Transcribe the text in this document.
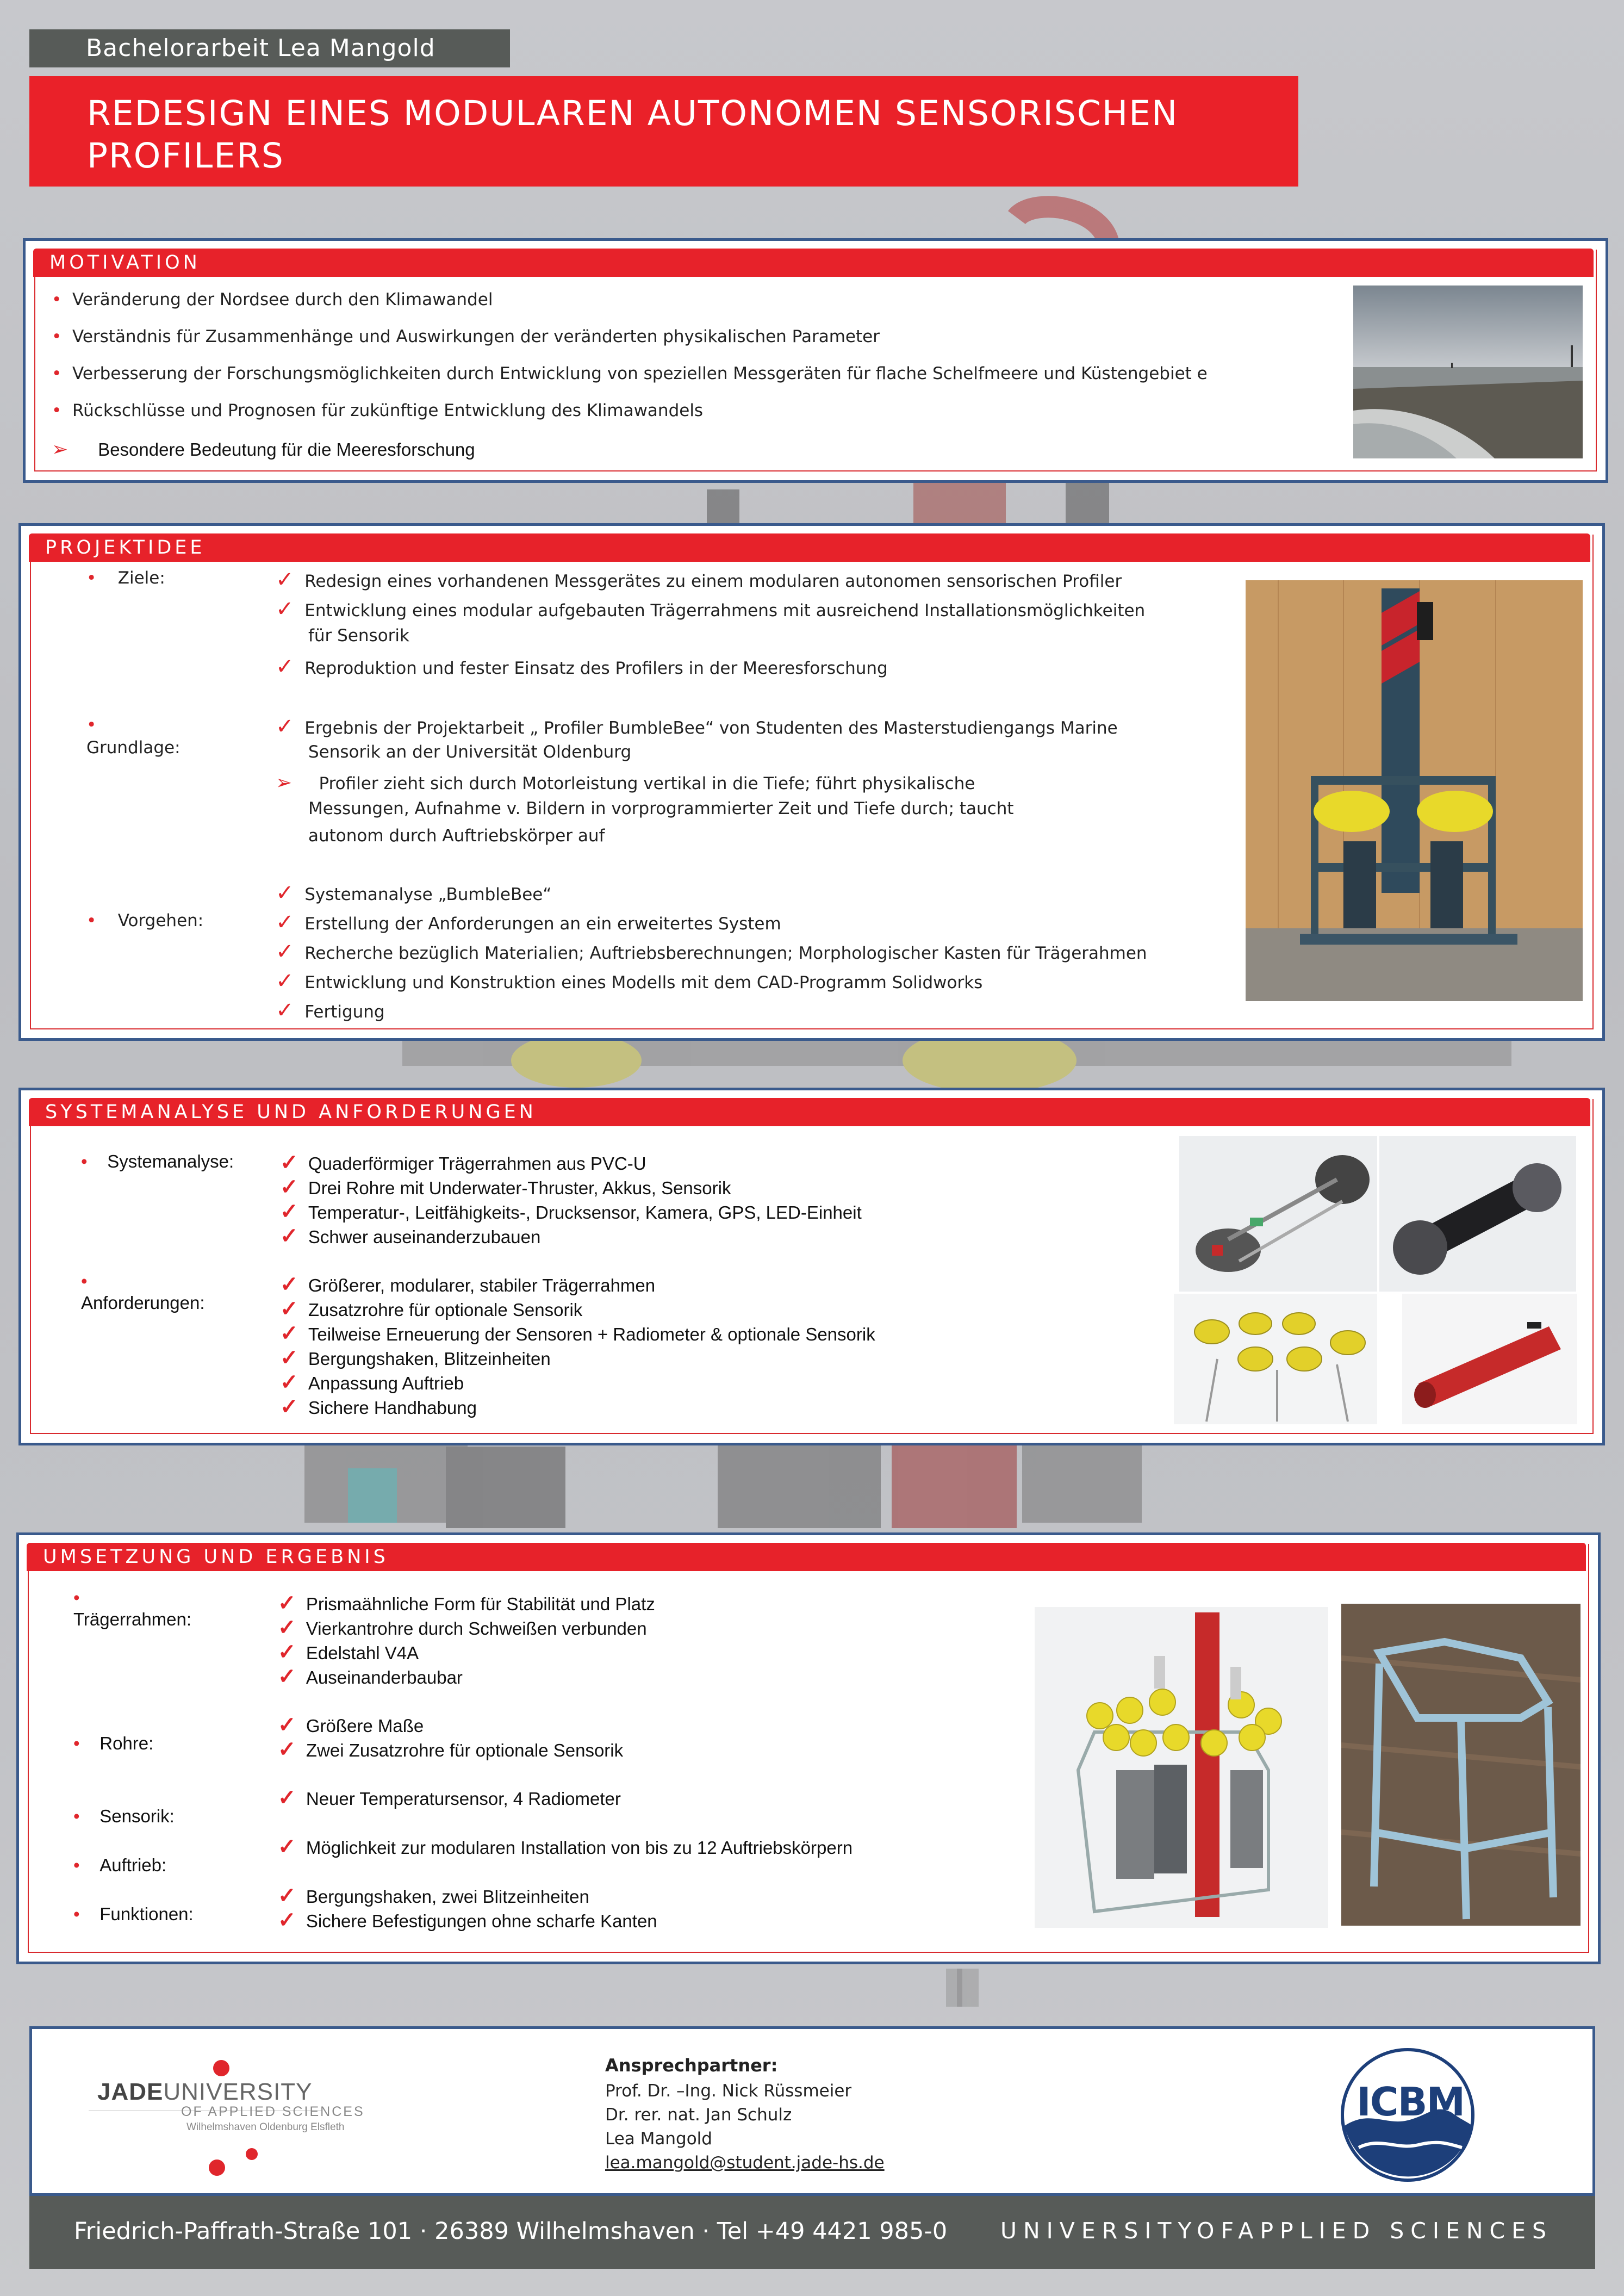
Bachelorarbeit Lea Mangold
REDESIGN EINES MODULAREN AUTONOMEN SENSORISCHEN
PROFILERS
MOTIVATION
• Veränderung der Nordsee durch den Klimawandel
• Verständnis für Zusammenhänge und Auswirkungen der veränderten physikalischen Parameter
• Verbesserung der Forschungsmöglichkeiten durch Entwicklung von speziellen Messgeräten für flache Schelfmeere und Küstengebiet e
• Rückschlüsse und Prognosen für zukünftige Entwicklung des Klimawandels
➢ Besondere Bedeutung für die Meeresforschung
PROJEKTIDEE
• Ziele:	✓ Redesign eines vorhandenen Messgerätes zu einem modularen autonomen sensorischen Profiler
✓ Entwicklung eines modular aufgebauten Trägerrahmens mit ausreichend Installationsmöglichkeiten
für Sensorik
✓ Reproduktion und fester Einsatz des Profilers in der Meeresforschung
•
Grundlage:
✓ Ergebnis der Projektarbeit „ Profiler BumbleBee“ von Studenten des Masterstudiengangs Marine
Sensorik an der Universität Oldenburg
➢ Profiler zieht sich durch Motorleistung vertikal in die Tiefe; führt physikalische
Messungen, Aufnahme v. Bildern in vorprogrammierter Zeit und Tiefe durch; taucht
autonom durch Auftriebskörper auf
✓ Systemanalyse „BumbleBee“
• Vorgehen:	✓ Erstellung der Anforderungen an ein erweitertes System
✓ Recherche bezüglich Materialien; Auftriebsberechnungen; Morphologischer Kasten für Trägerahmen
✓ Entwicklung und Konstruktion eines Modells mit dem CAD-Programm Solidworks
✓ Fertigung
SYSTEMANALYSE UND ANFORDERUNGEN
• Systemanalyse: ✓ Quaderförmiger Trägerrahmen aus PVC-U
✓ Drei Rohre mit Underwater-Thruster, Akkus, Sensorik
✓ Temperatur-, Leitfähigkeits-, Drucksensor, Kamera, GPS, LED-Einheit
✓ Schwer auseinanderzubauen
•
Anforderungen:
✓ Größerer, modularer, stabiler Trägerrahmen
✓ Zusatzrohre für optionale Sensorik
✓ Teilweise Erneuerung der Sensoren + Radiometer & optionale Sensorik
✓ Bergungshaken, Blitzeinheiten
✓ Anpassung Auftrieb
✓ Sichere Handhabung
UMSETZUNG UND ERGEBNIS
•
Trägerrahmen:
✓ Prismaähnliche Form für Stabilität und Platz
✓ Vierkantrohre durch Schweißen verbunden
✓ Edelstahl V4A
✓ Auseinanderbaubar
• Rohre:
✓ Größere Maße
✓ Zwei Zusatzrohre für optionale Sensorik
• Sensorik:
✓ Neuer Temperatursensor, 4 Radiometer
• Auftrieb:
✓ Möglichkeit zur modularen Installation von bis zu 12 Auftriebskörpern
• Funktionen:
✓ Bergungshaken, zwei Blitzeinheiten
✓ Sichere Befestigungen ohne scharfe Kanten
JADEUNIVERSITY
OF APPLIED SCIENCES
Wilhelmshaven Oldenburg Elsfleth
Ansprechpartner:
Prof. Dr. –Ing. Nick Rüssmeier
Dr. rer. nat. Jan Schulz
Lea Mangold
lea.mangold@student.jade-hs.de
ICBM
Friedrich-Paffrath-Straße 101 · 26389 Wilhelmshaven · Tel +49 4421 985-0 UNIVERSITYOFAPPLIED SCIENCES
